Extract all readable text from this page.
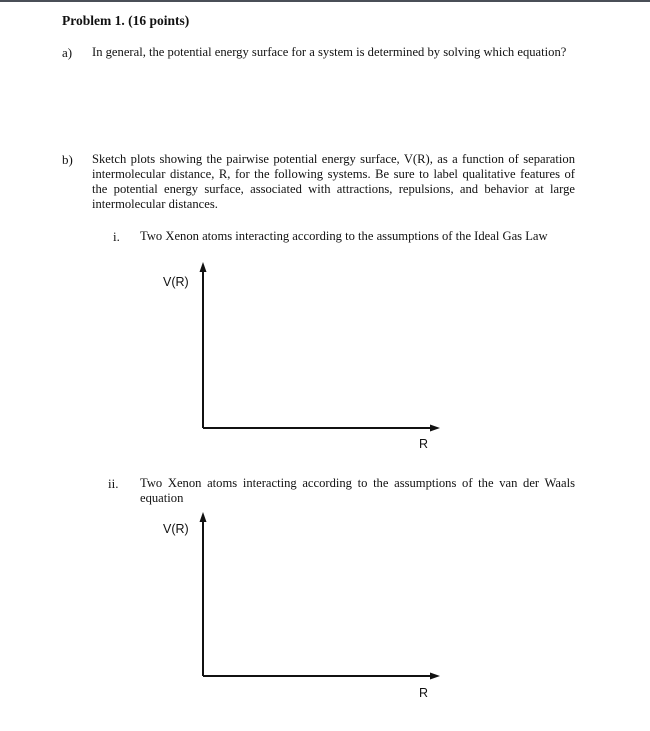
Problem 1. (16 points)
a) In general, the potential energy surface for a system is determined by solving which equation?
b) Sketch plots showing the pairwise potential energy surface, V(R), as a function of separation intermolecular distance, R, for the following systems. Be sure to label qualitative features of the potential energy surface, associated with attractions, repulsions, and behavior at large intermolecular distances.
i. Two Xenon atoms interacting according to the assumptions of the Ideal Gas Law
ii. Two Xenon atoms interacting according to the assumptions of the van der Waals equation
V(R)
R
V(R)
R
